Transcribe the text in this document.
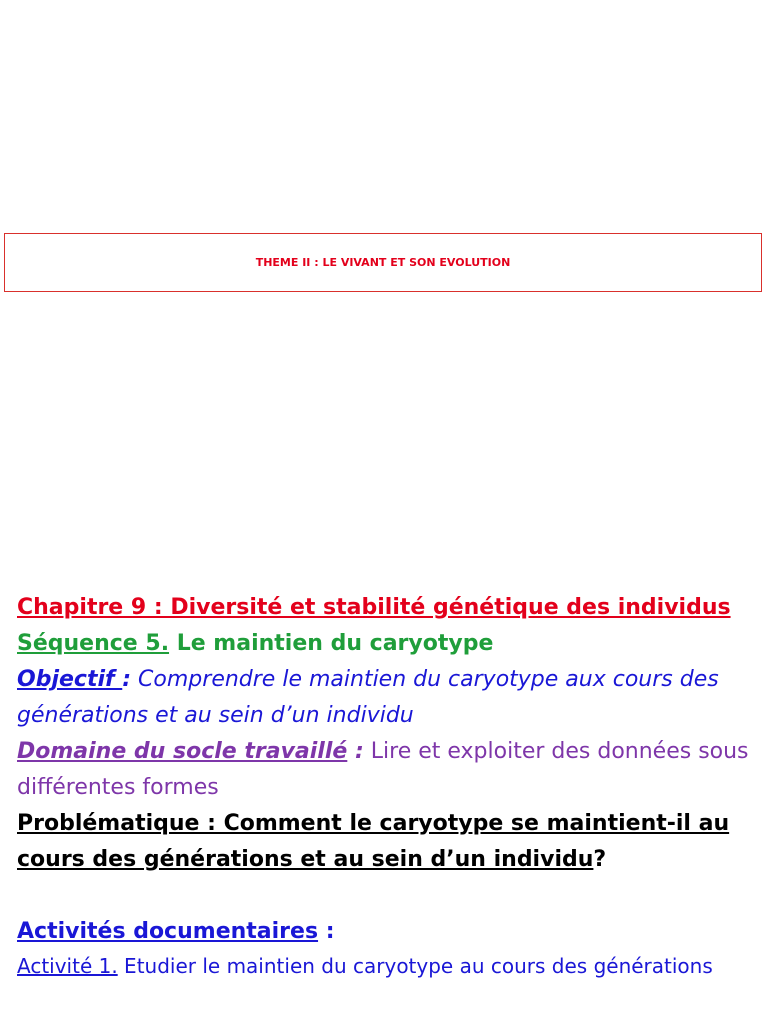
THEME II : LE VIVANT ET SON EVOLUTION
Chapitre 9 : Diversité et stabilité génétique des individus
Séquence 5. Le maintien du caryotype
Objectif : Comprendre le maintien du caryotype aux cours des générations et au sein d’un individu
Domaine du socle travaillé : Lire et exploiter des données sous différentes formes
Problématique : Comment le caryotype se maintient-il au cours des générations et au sein d’un individu?
Activités documentaires :
Activité 1. Etudier le maintien du caryotype au cours des générations
